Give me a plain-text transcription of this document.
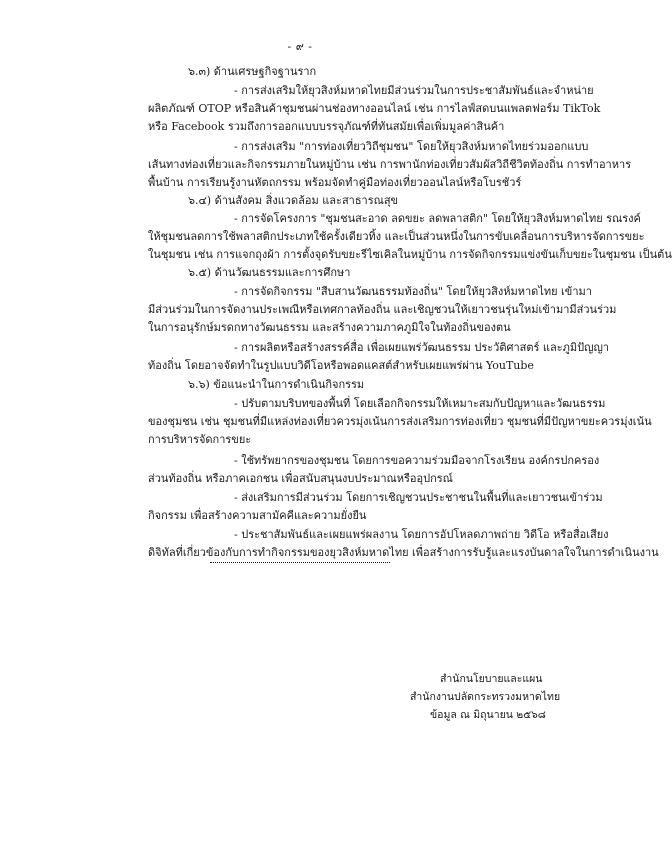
- ๙ -
๖.๓) ด้านเศรษฐกิจฐานราก
- การส่งเสริมให้ยุวสิงห์มหาดไทยมีส่วนร่วมในการประชาสัมพันธ์และจำหน่าย
ผลิตภัณฑ์ OTOP หรือสินค้าชุมชนผ่านช่องทางออนไลน์ เช่น การไลฟ์สดบนแพลตฟอร์ม TikTok
หรือ Facebook รวมถึงการออกแบบบรรจุภัณฑ์ที่ทันสมัยเพื่อเพิ่มมูลค่าสินค้า
- การส่งเสริม "การท่องเที่ยววิถีชุมชน" โดยให้ยุวสิงห์มหาดไทยร่วมออกแบบ
เส้นทางท่องเที่ยวและกิจกรรมภายในหมู่บ้าน เช่น การพานักท่องเที่ยวสัมผัสวิถีชีวิตท้องถิ่น การทำอาหาร
พื้นบ้าน การเรียนรู้งานหัตถกรรม พร้อมจัดทำคู่มือท่องเที่ยวออนไลน์หรือโบรชัวร์
๖.๔) ด้านสังคม สิ่งแวดล้อม และสาธารณสุข
- การจัดโครงการ "ชุมชนสะอาด ลดขยะ ลดพลาสติก" โดยให้ยุวสิงห์มหาดไทย รณรงค์
ให้ชุมชนลดการใช้พลาสติกประเภทใช้ครั้งเดียวทิ้ง และเป็นส่วนหนึ่งในการขับเคลื่อนการบริหารจัดการขยะ
ในชุมชน เช่น การแจกถุงผ้า การตั้งจุดรับขยะรีไซเคิลในหมู่บ้าน การจัดกิจกรรมแข่งขันเก็บขยะในชุมชน เป็นต้น
๖.๕) ด้านวัฒนธรรมและการศึกษา
- การจัดกิจกรรม "สืบสานวัฒนธรรมท้องถิ่น" โดยให้ยุวสิงห์มหาดไทย เข้ามา
มีส่วนร่วมในการจัดงานประเพณีหรือเทศกาลท้องถิ่น และเชิญชวนให้เยาวชนรุ่นใหม่เข้ามามีส่วนร่วม
ในการอนุรักษ์มรดกทางวัฒนธรรม และสร้างความภาคภูมิใจในท้องถิ่นของตน
- การผลิตหรือสร้างสรรค์สื่อ เพื่อเผยแพร่วัฒนธรรม ประวัติศาสตร์ และภูมิปัญญา
ท้องถิ่น โดยอาจจัดทำในรูปแบบวิดีโอหรือพอดแคสต์สำหรับเผยแพร่ผ่าน YouTube
๖.๖) ข้อแนะนำในการดำเนินกิจกรรม
- ปรับตามบริบทของพื้นที่ โดยเลือกกิจกรรมให้เหมาะสมกับปัญหาและวัฒนธรรม
ของชุมชน เช่น ชุมชนที่มีแหล่งท่องเที่ยวควรมุ่งเน้นการส่งเสริมการท่องเที่ยว ชุมชนที่มีปัญหาขยะควรมุ่งเน้น
การบริหารจัดการขยะ
- ใช้ทรัพยากรของชุมชน โดยการขอความร่วมมือจากโรงเรียน องค์กรปกครอง
ส่วนท้องถิ่น หรือภาคเอกชน เพื่อสนับสนุนงบประมาณหรืออุปกรณ์
- ส่งเสริมการมีส่วนร่วม โดยการเชิญชวนประชาชนในพื้นที่และเยาวชนเข้าร่วม
กิจกรรม เพื่อสร้างความสามัคคีและความยั่งยืน
- ประชาสัมพันธ์และเผยแพร่ผลงาน โดยการอัปโหลดภาพถ่าย วิดีโอ หรือสื่อเสียง
ดิจิทัลที่เกี่ยวข้องกับการทำกิจกรรมของยุวสิงห์มหาดไทย เพื่อสร้างการรับรู้และแรงบันดาลใจในการดำเนินงาน
สำนักนโยบายและแผน
สำนักงานปลัดกระทรวงมหาดไทย
ข้อมูล ณ มิถุนายน ๒๕๖๘
